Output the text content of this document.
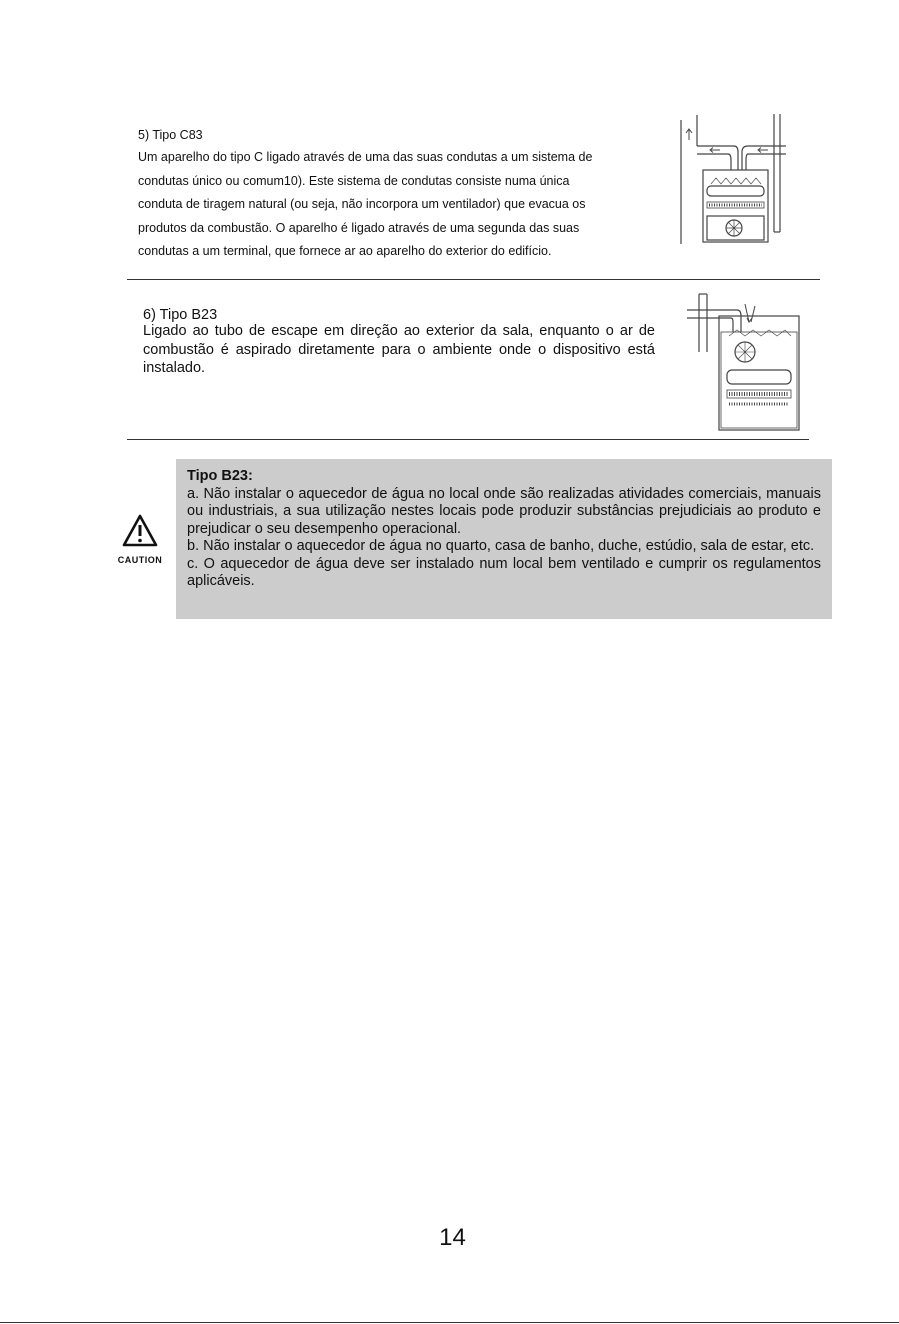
5) Tipo C83
Um aparelho do tipo C ligado através de uma das suas condutas a um sistema de
condutas único ou comum10). Este sistema de condutas consiste numa única
conduta de tiragem natural (ou seja, não incorpora um ventilador) que evacua os
produtos da combustão. O aparelho é ligado através de uma segunda das suas
condutas a um terminal, que fornece ar ao aparelho do exterior do edifício.
6) Tipo B23
Ligado ao tubo de escape em direção ao exterior da sala, enquanto o ar de combustão é aspirado diretamente para o ambiente onde o dispositivo está instalado.
CAUTION
Tipo B23:
a. Não instalar o aquecedor de água no local onde são realizadas atividades comerciais, manuais ou industriais, a sua utilização nestes locais pode produzir substâncias prejudiciais ao produto e prejudicar o seu desempenho operacional.
b. Não instalar o aquecedor de água no quarto, casa de banho, duche, estúdio, sala de estar, etc.
c. O aquecedor de água deve ser instalado num local bem ventilado e cumprir os regulamentos aplicáveis.
14
